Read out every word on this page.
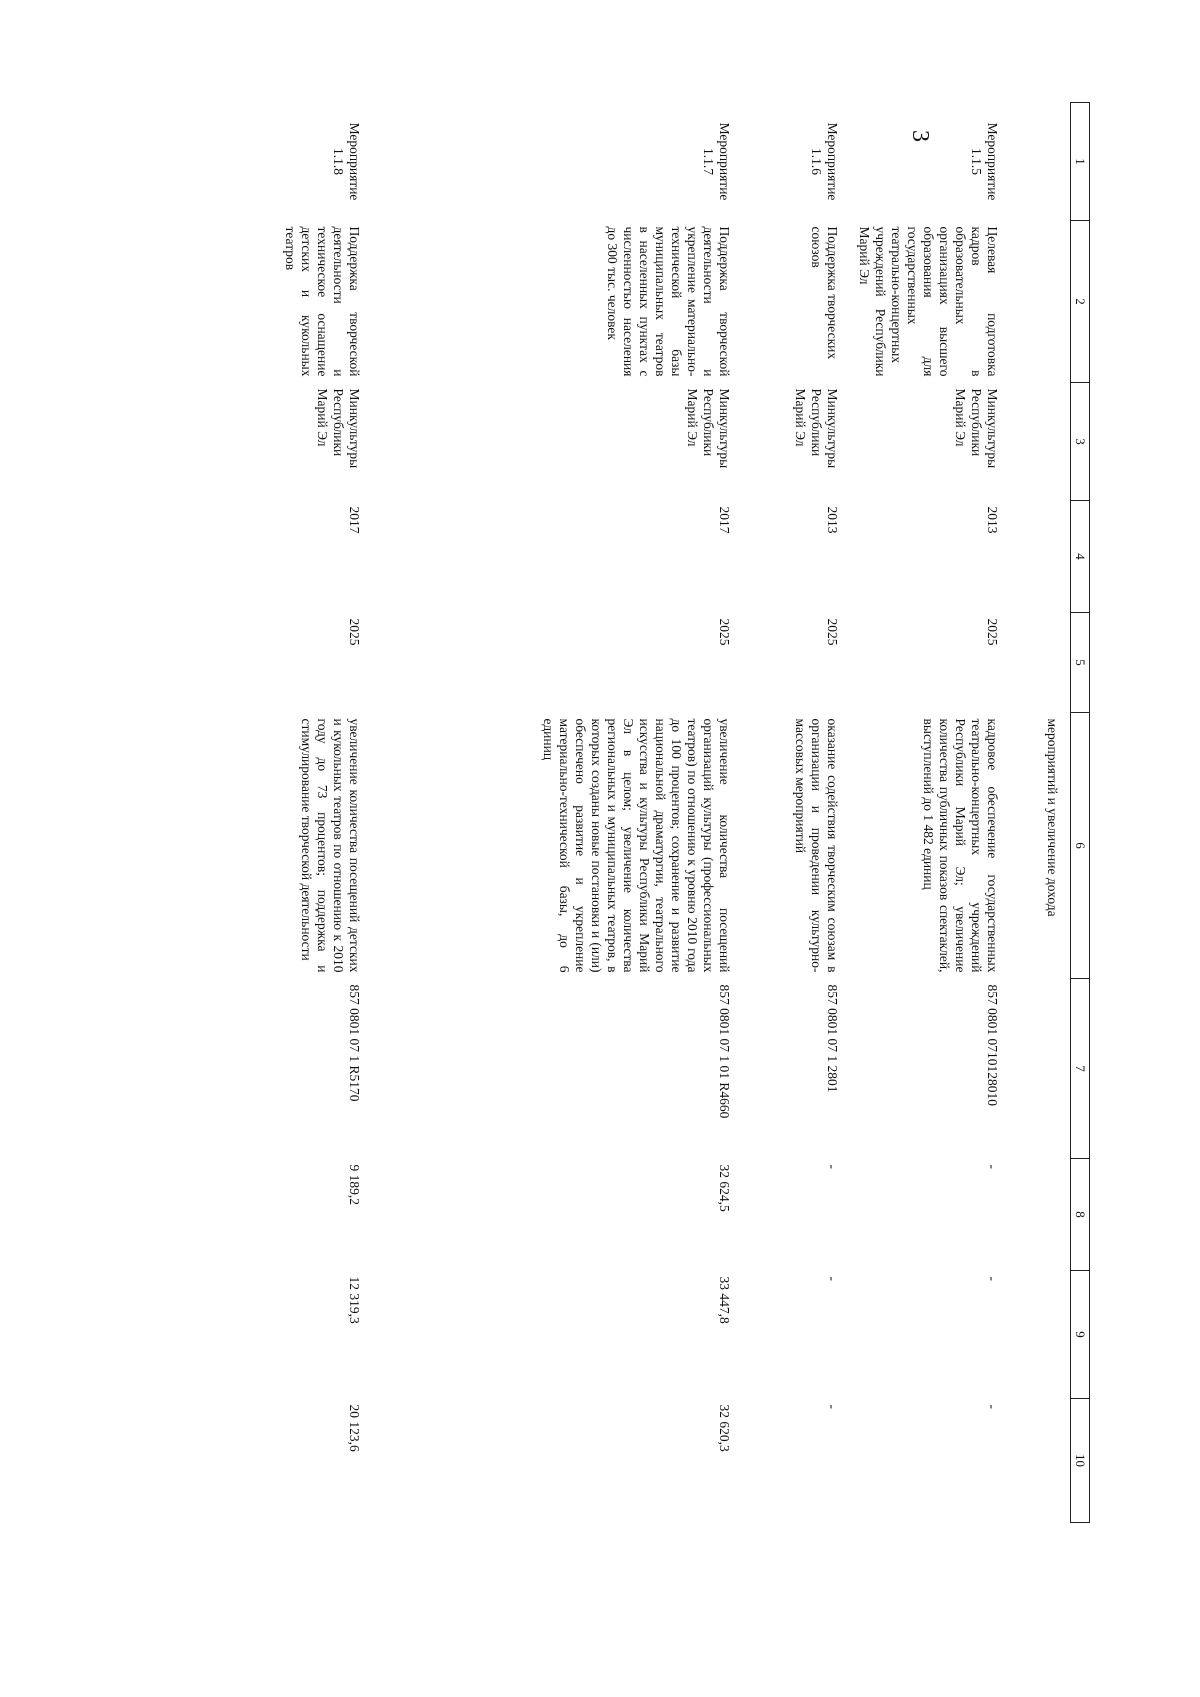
3
1	2	3	4	5	6	7	8	9	10
					мероприятий и увеличение дохода				
Мероприятие 1.1.5	Целевая подготовка кадров в образовательных организациях высшего образования для государственных театрально-концертных учреждений Республики Марий Эл	Минкультуры Республики Марий Эл	2013	2025	кадровое обеспечение государственных театрально-концертных учреждений Республики Марий Эл; увеличение количества публичных показов спектаклей, выступлений до 1 482 единиц	857 0801 0710128010	-	-	-
Мероприятие 1.1.6	Поддержка творческих союзов	Минкультуры Республики Марий Эл	2013	2025	оказание содействия творческим союзам в организации и проведении культурно-массовых мероприятий	857 0801 07 1 2801	-	-	-
Мероприятие 1.1.7	Поддержка творческой деятельности и укрепление материально-технической базы муниципальных театров в населенных пунктах с численностью населения до 300 тыс. человек	Минкультуры Республики Марий Эл	2017	2025	увеличение количества посещений организаций культуры (профессиональных театров) по отношению к уровню 2010 года до 100 процентов; сохранение и развитие национальной драматургии, театрального искусства и культуры Республики Марий Эл в целом; увеличение количества региональных и муниципальных театров, в которых созданы новые постановки и (или) обеспечено развитие и укрепление материально-технической базы, до 6 единиц	857 0801 07 1 01 R4660	32 624,5	33 447,8	32 620,3
Мероприятие 1.1.8	Поддержка творческой деятельности и техническое оснащение детских и кукольных театров	Минкультуры Республики Марий Эл	2017	2025	увеличение количества посещений детских и кукольных театров по отношению к 2010 году до 73 процентов; поддержка и стимулирование творческой деятельности	857 0801 07 1 R5170	9 189,2	12 319,3	20 123,6
